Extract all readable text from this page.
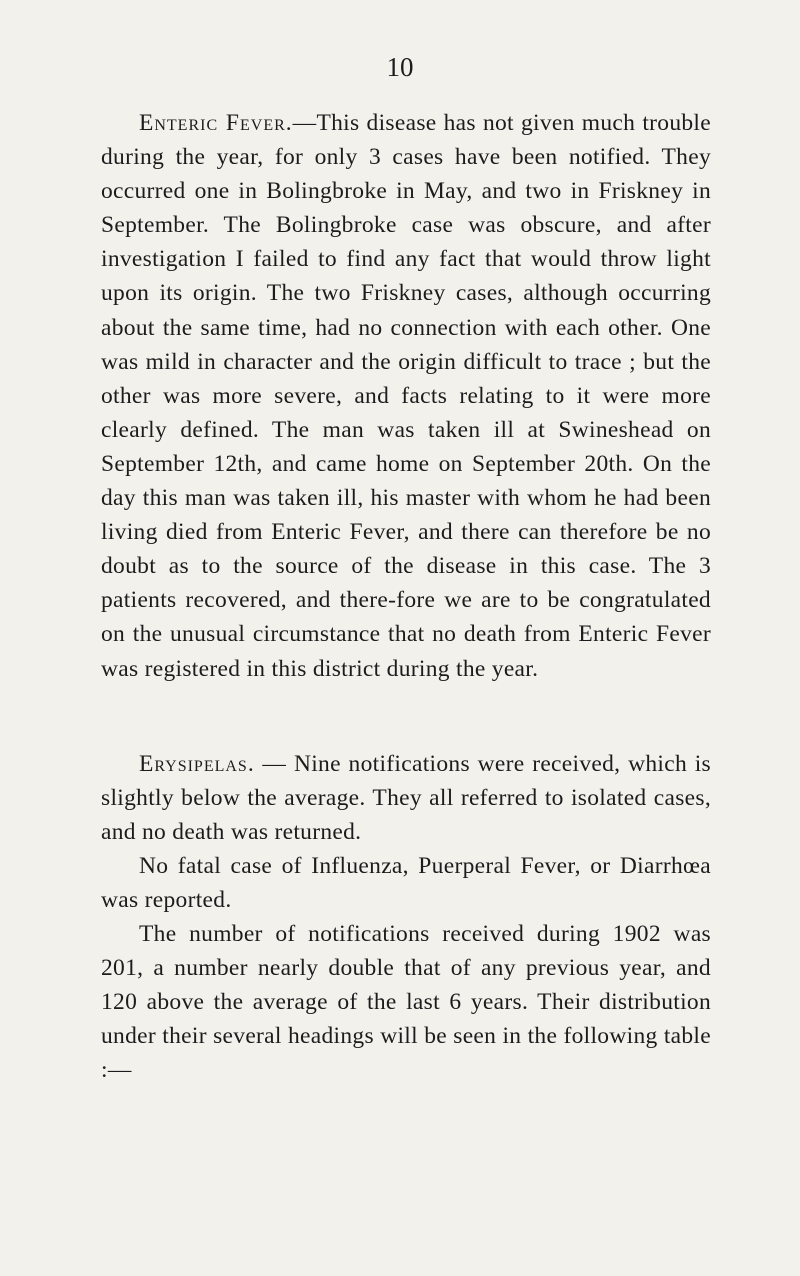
10

Enteric Fever.—This disease has not given much trouble during the year, for only 3 cases have been notified. They occurred one in Bolingbroke in May, and two in Friskney in September. The Bolingbroke case was obscure, and after investigation I failed to find any fact that would throw light upon its origin. The two Friskney cases, although occurring about the same time, had no connection with each other. One was mild in character and the origin difficult to trace ; but the other was more severe, and facts relating to it were more clearly defined. The man was taken ill at Swineshead on September 12th, and came home on September 20th. On the day this man was taken ill, his master with whom he had been living died from Enteric Fever, and there can therefore be no doubt as to the source of the disease in this case. The 3 patients recovered, and there-fore we are to be congratulated on the unusual circumstance that no death from Enteric Fever was registered in this district during the year.

Erysipelas. — Nine notifications were received, which is slightly below the average. They all referred to isolated cases, and no death was returned.

No fatal case of Influenza, Puerperal Fever, or Diarrhœa was reported.

The number of notifications received during 1902 was 201, a number nearly double that of any previous year, and 120 above the average of the last 6 years. Their distribution under their several headings will be seen in the following table :—
